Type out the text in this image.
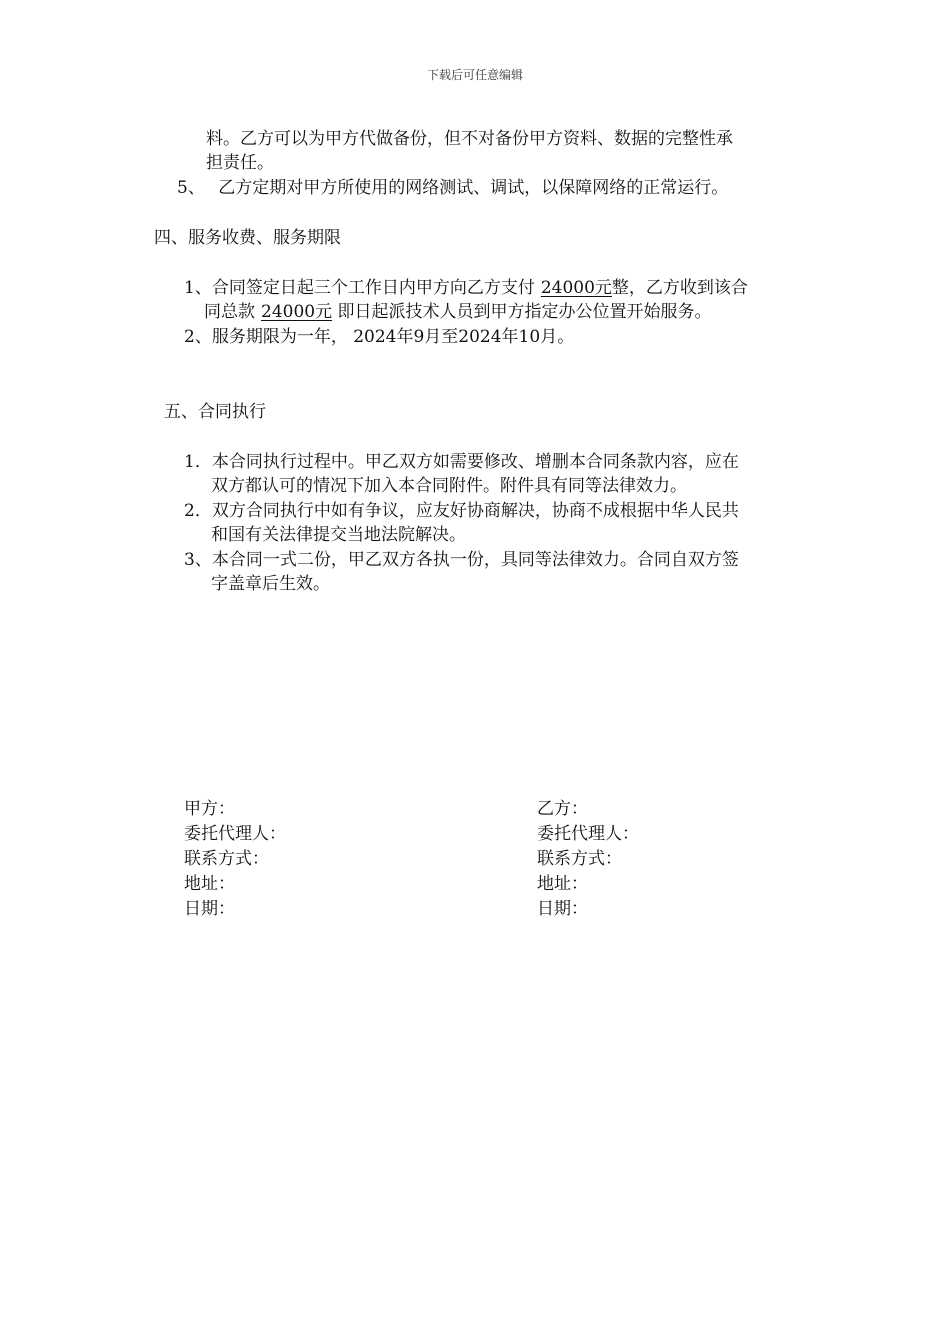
下载后可任意编辑
料。乙方可以为甲方代做备份，但不对备份甲方资料、数据的完整性承
担责任。
5、 乙方定期对甲方所使用的网络测试、调试，以保障网络的正常运行。
四、服务收费、服务期限
1、合同签定日起三个工作日内甲方向乙方支付 24000元整，乙方收到该合
同总款 24000元 即日起派技术人员到甲方指定办公位置开始服务。
2、服务期限为一年， 2024年9月至2024年10月。
五、合同执行
1．本合同执行过程中。甲乙双方如需要修改、增删本合同条款内容，应在
双方都认可的情况下加入本合同附件。附件具有同等法律效力。
2．双方合同执行中如有争议，应友好协商解决，协商不成根据中华人民共
和国有关法律提交当地法院解决。
3、本合同一式二份，甲乙双方各执一份，具同等法律效力。合同自双方签
字盖章后生效。
甲方：
委托代理人：
联系方式：
地址：
日期：
乙方：
委托代理人：
联系方式：
地址：
日期：
